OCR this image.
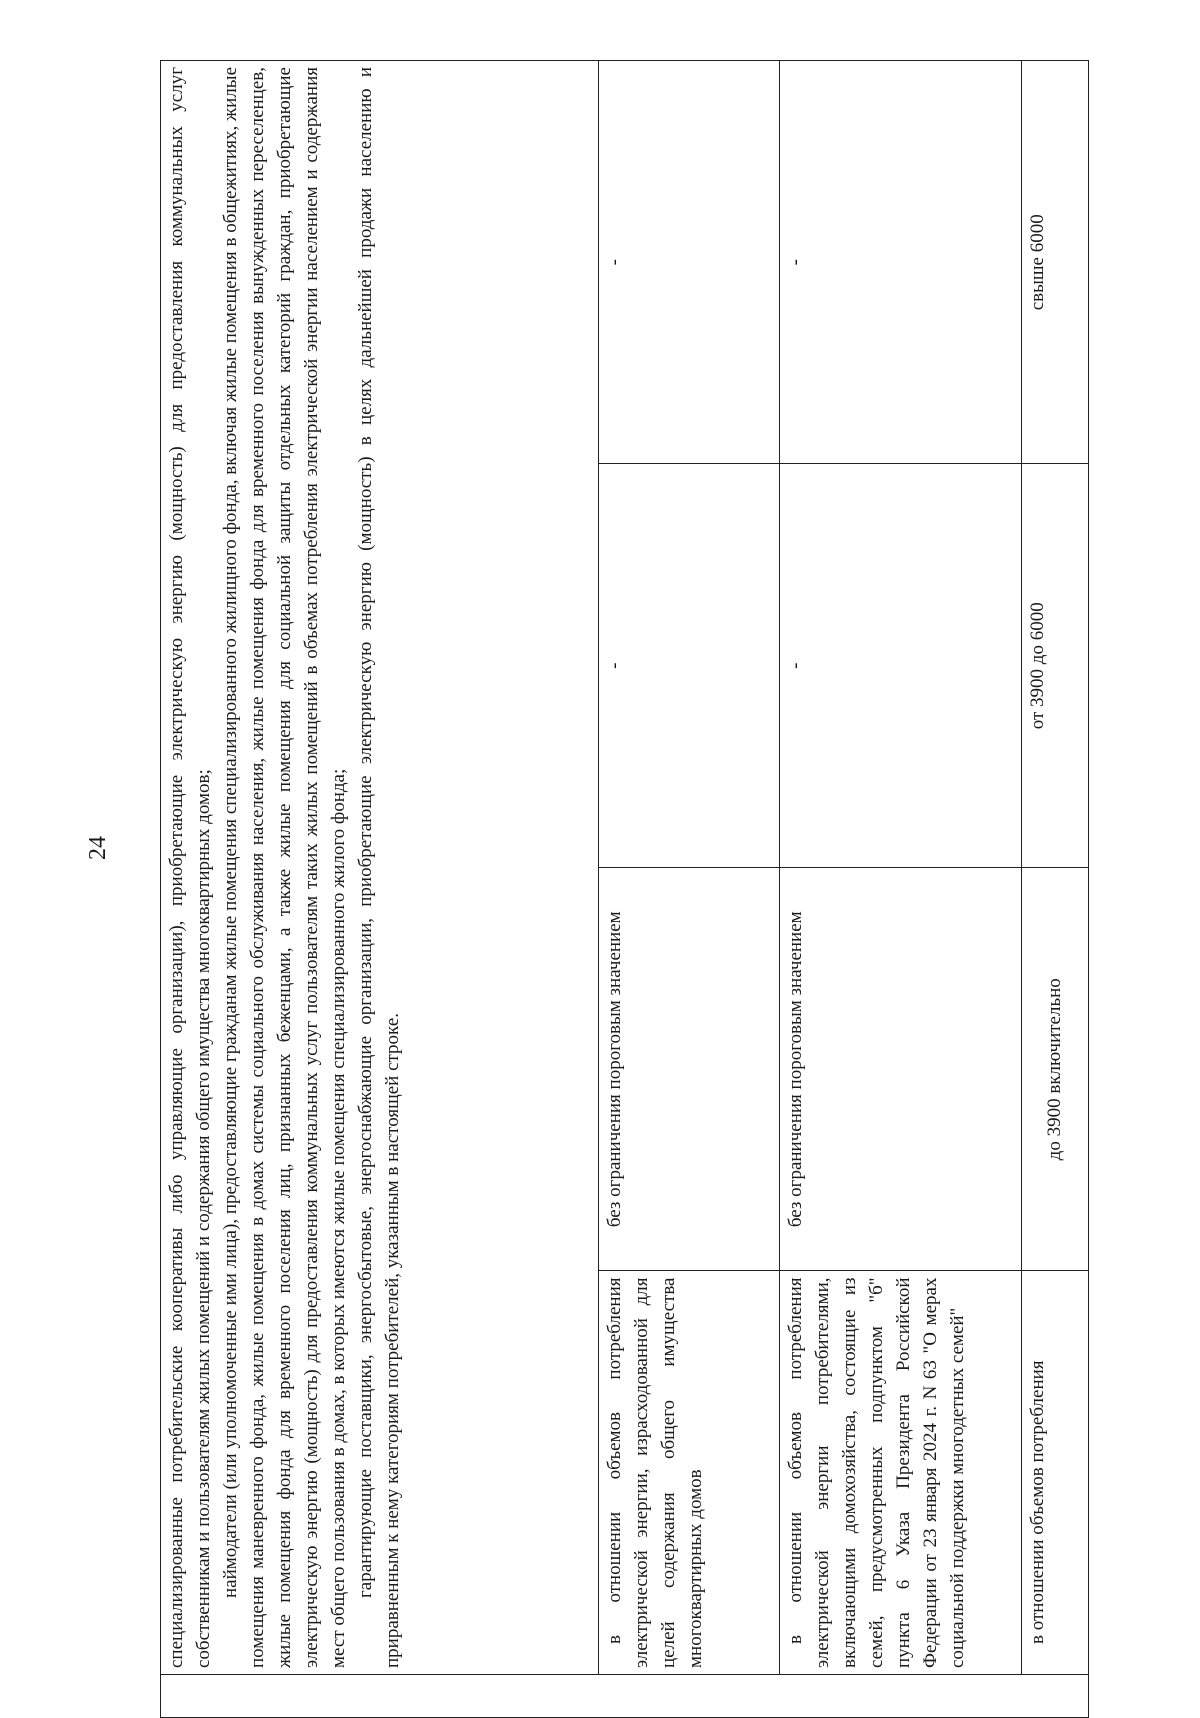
24

	специализированные потребительские кооперативы либо управляющие организации), приобретающие электрическую энергию (мощность) для предоставления коммунальных услуг собственникам и пользователям жилых помещений и содержания общего имущества многоквартирных домов; наймодатели (или уполномоченные ими лица), предоставляющие гражданам жилые помещения специализированного жилищного фонда, включая жилые помещения в общежитиях, жилые помещения маневренного фонда, жилые помещения в домах системы социального обслуживания населения, жилые помещения фонда для временного поселения вынужденных переселенцев, жилые помещения фонда для временного поселения лиц, признанных беженцами, а также жилые помещения для социальной защиты отдельных категорий граждан, приобретающие электрическую энергию (мощность) для предоставления коммунальных услуг пользователям таких жилых помещений в объемах потребления электрической энергии населением и содержания мест общего пользования в домах, в которых имеются жилые помещения специализированного жилого фонда; гарантирующие поставщики, энергосбытовые, энергоснабжающие организации, приобретающие электрическую энергию (мощность) в целях дальнейшей продажи населению и приравненным к нему категориям потребителей, указанным в настоящей строке.			

	в отношении объемов потребления электрической энергии, израсходованной для целей содержания общего имущества многоквартирных домов	без ограничения пороговым значением	-	-

	в отношении объемов потребления электрической энергии потребителями, включающими домохозяйства, состоящие из семей, предусмотренных подпунктом "б" пункта 6 Указа Президента Российской Федерации от 23 января 2024 г. N 63 "О мерах социальной поддержки многодетных семей"	без ограничения пороговым значением	-	-

	в отношении объемов потребления	до 3900 включительно	от 3900 до 6000	свыше 6000
